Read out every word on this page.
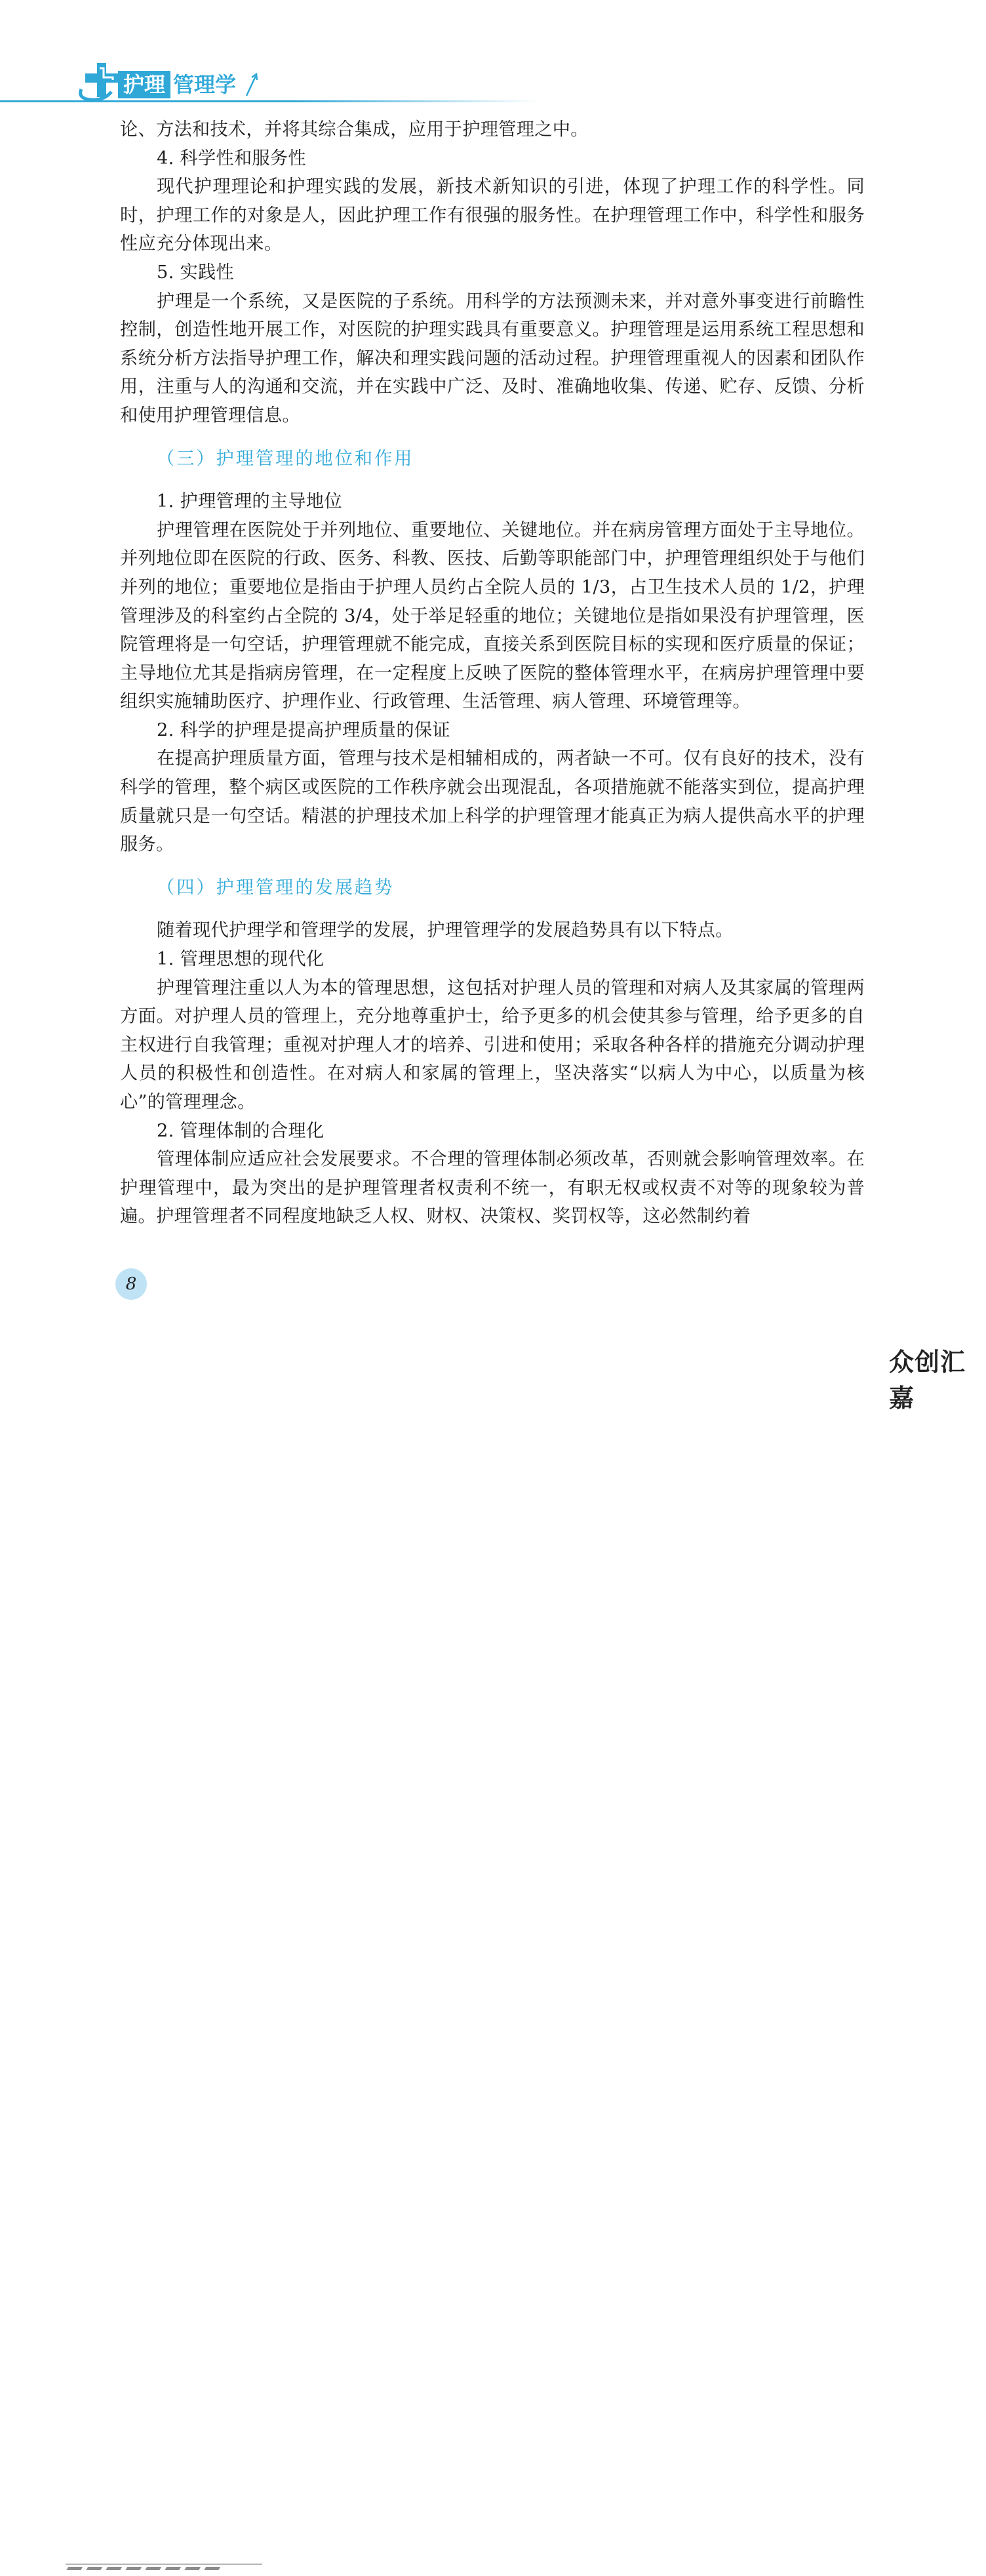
护理 管理学

论、方法和技术，并将其综合集成，应用于护理管理之中。

4. 科学性和服务性

现代护理理论和护理实践的发展，新技术新知识的引进，体现了护理工作的科学性。同时，护理工作的对象是人，因此护理工作有很强的服务性。在护理管理工作中，科学性和服务性应充分体现出来。

5. 实践性

护理是一个系统，又是医院的子系统。用科学的方法预测未来，并对意外事变进行前瞻性控制，创造性地开展工作，对医院的护理实践具有重要意义。护理管理是运用系统工程思想和系统分析方法指导护理工作，解决和理实践问题的活动过程。护理管理重视人的因素和团队作用，注重与人的沟通和交流，并在实践中广泛、及时、准确地收集、传递、贮存、反馈、分析和使用护理管理信息。

（三）护理管理的地位和作用

1. 护理管理的主导地位

护理管理在医院处于并列地位、重要地位、关键地位。并在病房管理方面处于主导地位。并列地位即在医院的行政、医务、科教、医技、后勤等职能部门中，护理管理组织处于与他们并列的地位；重要地位是指由于护理人员约占全院人员的 1/3，占卫生技术人员的 1/2，护理管理涉及的科室约占全院的 3/4，处于举足轻重的地位；关键地位是指如果没有护理管理，医院管理将是一句空话，护理管理就不能完成，直接关系到医院目标的实现和医疗质量的保证；主导地位尤其是指病房管理，在一定程度上反映了医院的整体管理水平，在病房护理管理中要组织实施辅助医疗、护理作业、行政管理、生活管理、病人管理、环境管理等。

2. 科学的护理是提高护理质量的保证

在提高护理质量方面，管理与技术是相辅相成的，两者缺一不可。仅有良好的技术，没有科学的管理，整个病区或医院的工作秩序就会出现混乱，各项措施就不能落实到位，提高护理质量就只是一句空话。精湛的护理技术加上科学的护理管理才能真正为病人提供高水平的护理服务。

（四）护理管理的发展趋势

随着现代护理学和管理学的发展，护理管理学的发展趋势具有以下特点。

1. 管理思想的现代化

护理管理注重以人为本的管理思想，这包括对护理人员的管理和对病人及其家属的管理两方面。对护理人员的管理上，充分地尊重护士，给予更多的机会使其参与管理，给予更多的自主权进行自我管理；重视对护理人才的培养、引进和使用；采取各种各样的措施充分调动护理人员的积极性和创造性。在对病人和家属的管理上，坚决落实“以病人为中心，以质量为核心”的管理理念。

2. 管理体制的合理化

管理体制应适应社会发展要求。不合理的管理体制必须改革，否则就会影响管理效率。在护理管理中，最为突出的是护理管理者权责利不统一，有职无权或权责不对等的现象较为普遍。护理管理者不同程度地缺乏人权、财权、决策权、奖罚权等，这必然制约着

8
众创汇嘉
